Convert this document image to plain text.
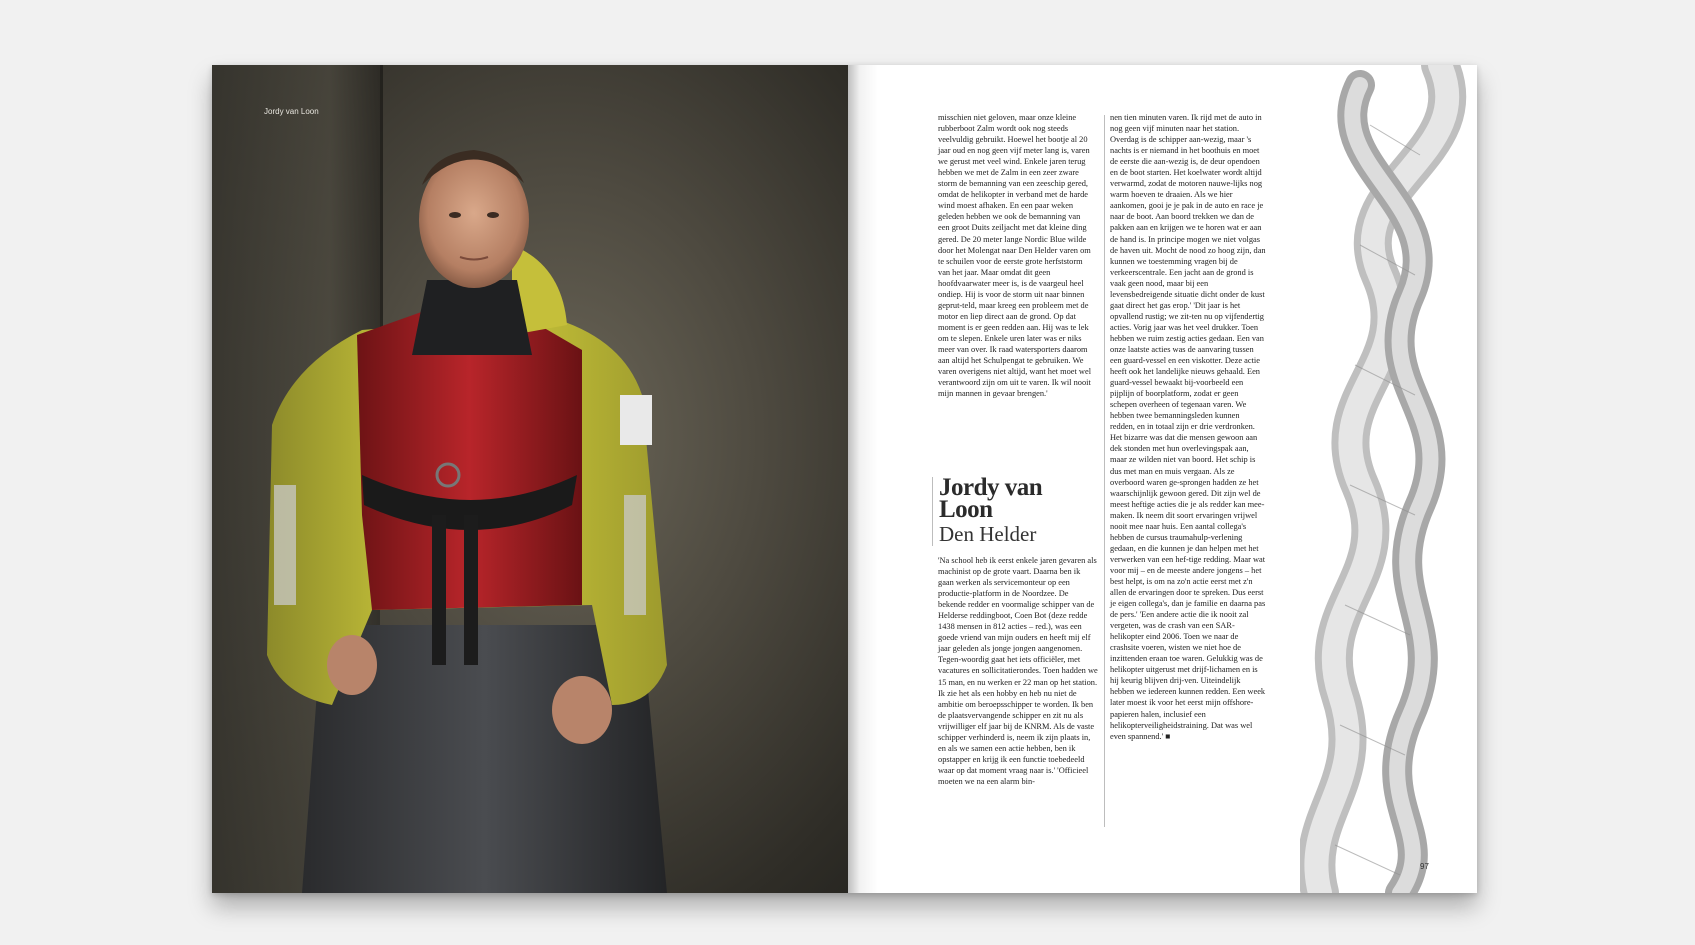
Jordy van Loon
misschien niet geloven, maar onze kleine rubberboot Zalm wordt ook nog steeds veelvuldig gebruikt. Hoewel het bootje al 20 jaar oud en nog geen vijf meter lang is, varen we gerust met veel wind. Enkele jaren terug hebben we met de Zalm in een zeer zware storm de bemanning van een zeeschip gered, omdat de helikopter in verband met de harde wind moest afhaken. En een paar weken geleden hebben we ook de bemanning van een groot Duits zeiljacht met dat kleine ding gered. De 20 meter lange Nordic Blue wilde door het Molengat naar Den Helder varen om te schuilen voor de eerste grote herfststorm van het jaar. Maar omdat dit geen hoofdvaarwater meer is, is de vaargeul heel ondiep. Hij is voor de storm uit naar binnen geprut-teld, maar kreeg een probleem met de motor en liep direct aan de grond. Op dat moment is er geen redden aan. Hij was te lek om te slepen. Enkele uren later was er niks meer van over. Ik raad watersporters daarom aan altijd het Schulpengat te gebruiken. We varen overigens niet altijd, want het moet wel verantwoord zijn om uit te varen. Ik wil nooit mijn mannen in gevaar brengen.'
Jordy van Loon
Den Helder
'Na school heb ik eerst enkele jaren gevaren als machinist op de grote vaart. Daarna ben ik gaan werken als servicemonteur op een productie-platform in de Noordzee. De bekende redder en voormalige schipper van de Helderse reddingboot, Coen Bot (deze redde 1438 mensen in 812 acties – red.), was een goede vriend van mijn ouders en heeft mij elf jaar geleden als jonge jongen aangenomen. Tegen-woordig gaat het iets officiëler, met vacatures en sollicitatierondes. Toen hadden we 15 man, en nu werken er 22 man op het station. Ik zie het als een hobby en heb nu niet de ambitie om beroepsschipper te worden. Ik ben de plaatsvervangende schipper en zit nu als vrijwilliger elf jaar bij de KNRM. Als de vaste schipper verhinderd is, neem ik zijn plaats in, en als we samen een actie hebben, ben ik opstapper en krijg ik een functie toebedeeld waar op dat moment vraag naar is.' 'Officieel moeten we na een alarm bin-
nen tien minuten varen. Ik rijd met de auto in nog geen vijf minuten naar het station. Overdag is de schipper aan-wezig, maar 's nachts is er niemand in het boothuis en moet de eerste die aan-wezig is, de deur opendoen en de boot starten. Het koelwater wordt altijd verwarmd, zodat de motoren nauwe-lijks nog warm hoeven te draaien. Als we hier aankomen, gooi je je pak in de auto en race je naar de boot. Aan boord trekken we dan de pakken aan en krijgen we te horen wat er aan de hand is. In principe mogen we niet volgas de haven uit. Mocht de nood zo hoog zijn, dan kunnen we toestemming vragen bij de verkeerscentrale. Een jacht aan de grond is vaak geen nood, maar bij een levensbedreigende situatie dicht onder de kust gaat direct het gas erop.' 'Dit jaar is het opvallend rustig; we zit-ten nu op vijfendertig acties. Vorig jaar was het veel drukker. Toen hebben we ruim zestig acties gedaan. Een van onze laatste acties was de aanvaring tussen een guard-vessel en een viskotter. Deze actie heeft ook het landelijke nieuws gehaald. Een guard-vessel bewaakt bij-voorbeeld een pijplijn of boorplatform, zodat er geen schepen overheen of tegenaan varen. We hebben twee bemanningsleden kunnen redden, en in totaal zijn er drie verdronken. Het bizarre was dat die mensen gewoon aan dek stonden met hun overlevingspak aan, maar ze wilden niet van boord. Het schip is dus met man en muis vergaan. Als ze overboord waren ge-sprongen hadden ze het waarschijnlijk gewoon gered. Dit zijn wel de meest heftige acties die je als redder kan mee-maken. Ik neem dit soort ervaringen vrijwel nooit mee naar huis. Een aantal collega's hebben de cursus traumahulp-verlening gedaan, en die kunnen je dan helpen met het verwerken van een hef-tige redding. Maar wat voor mij – en de meeste andere jongens – het best helpt, is om na zo'n actie eerst met z'n allen de ervaringen door te spreken. Dus eerst je eigen collega's, dan je familie en daarna pas de pers.' 'Een andere actie die ik nooit zal vergeten, was de crash van een SAR-helikopter eind 2006. Toen we naar de crashsite voeren, wisten we niet hoe de inzittenden eraan toe waren. Gelukkig was de helikopter uitgerust met drijf-lichamen en is hij keurig blijven drij-ven. Uiteindelijk hebben we iedereen kunnen redden. Een week later moest ik voor het eerst mijn offshore-papieren halen, inclusief een helikopterveiligheidstraining. Dat was wel even spannend.' ■
97
